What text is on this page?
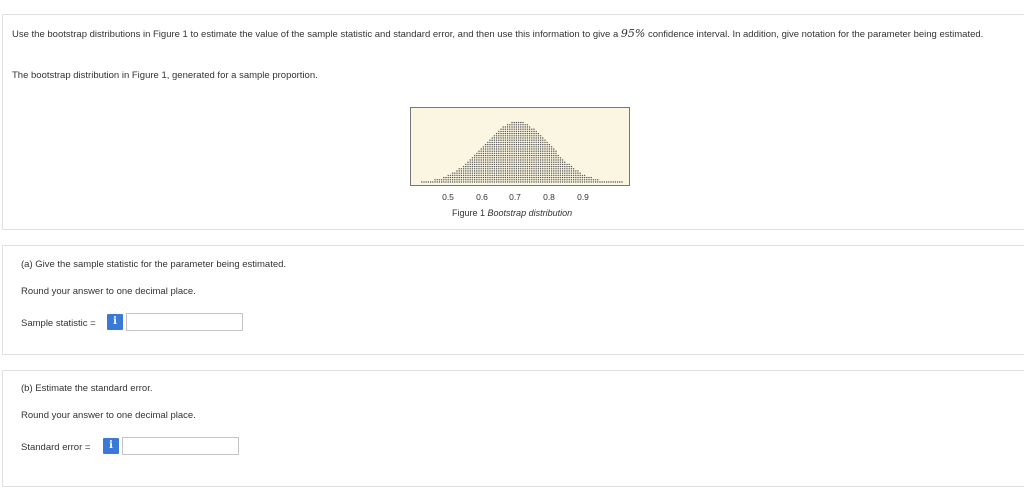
Use the bootstrap distributions in Figure 1 to estimate the value of the sample statistic and standard error, and then use this information to give a 95% confidence interval. In addition, give notation for the parameter being estimated.
The bootstrap distribution in Figure 1, generated for a sample proportion.
0.5	0.6 0.7	0.8	0.9
Figure 1 Bootstrap distribution
(a) Give the sample statistic for the parameter being estimated.
Round your answer to one decimal place.
Sample statistic =	i
(b) Estimate the standard error.
Round your answer to one decimal place.
Standard error =	i
